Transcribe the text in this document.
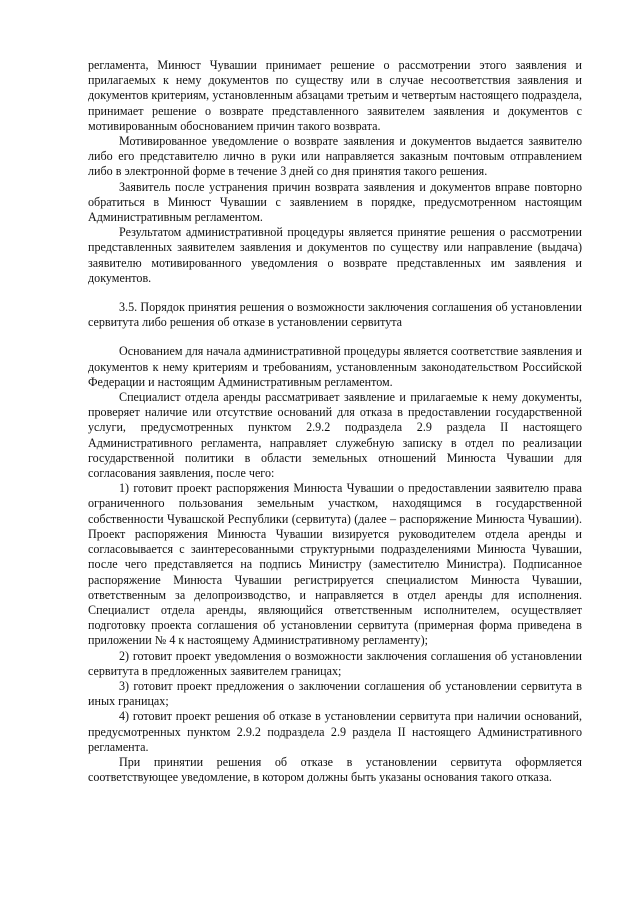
регламента, Минюст Чувашии принимает решение о рассмотрении этого заявления и прилагаемых к нему документов по существу или в случае несоответствия заявления и документов критериям, установленным абзацами третьим и четвертым настоящего подраздела, принимает решение о возврате представленного заявителем заявления и документов с мотивированным обоснованием причин такого возврата.

Мотивированное уведомление о возврате заявления и документов выдается заявителю либо его представителю лично в руки или направляется заказным почтовым отправлением либо в электронной форме в течение 3 дней со дня принятия такого решения.

Заявитель после устранения причин возврата заявления и документов вправе повторно обратиться в Минюст Чувашии с заявлением в порядке, предусмотренном настоящим Административным регламентом.

Результатом административной процедуры является принятие решения о рассмотрении представленных заявителем заявления и документов по существу или направление (выдача) заявителю мотивированного уведомления о возврате представленных им заявления и документов.

3.5. Порядок принятия решения о возможности заключения соглашения об установлении сервитута либо решения об отказе в установлении сервитута

Основанием для начала административной процедуры является соответствие заявления и документов к нему критериям и требованиям, установленным законодательством Российской Федерации и настоящим Административным регламентом.

Специалист отдела аренды рассматривает заявление и прилагаемые к нему документы, проверяет наличие или отсутствие оснований для отказа в предоставлении государственной услуги, предусмотренных пунктом 2.9.2 подраздела 2.9 раздела II настоящего Административного регламента, направляет служебную записку в отдел по реализации государственной политики в области земельных отношений Минюста Чувашии для согласования заявления, после чего:

1) готовит проект распоряжения Минюста Чувашии о предоставлении заявителю права ограниченного пользования земельным участком, находящимся в государственной собственности Чувашской Республики (сервитута) (далее – распоряжение Минюста Чувашии). Проект распоряжения Минюста Чувашии визируется руководителем отдела аренды и согласовывается с заинтересованными структурными подразделениями Минюста Чувашии, после чего представляется на подпись Министру (заместителю Министра). Подписанное распоряжение Минюста Чувашии регистрируется специалистом Минюста Чувашии, ответственным за делопроизводство, и направляется в отдел аренды для исполнения. Специалист отдела аренды, являющийся ответственным исполнителем, осуществляет подготовку проекта соглашения об установлении сервитута (примерная форма приведена в приложении № 4 к настоящему Административному регламенту);

2) готовит проект уведомления о возможности заключения соглашения об установлении сервитута в предложенных заявителем границах;

3) готовит проект предложения о заключении соглашения об установлении сервитута в иных границах;

4) готовит проект решения об отказе в установлении сервитута при наличии оснований, предусмотренных пунктом 2.9.2 подраздела 2.9 раздела II настоящего Административного регламента.

При принятии решения об отказе в установлении сервитута оформляется соответствующее уведомление, в котором должны быть указаны основания такого отказа.
